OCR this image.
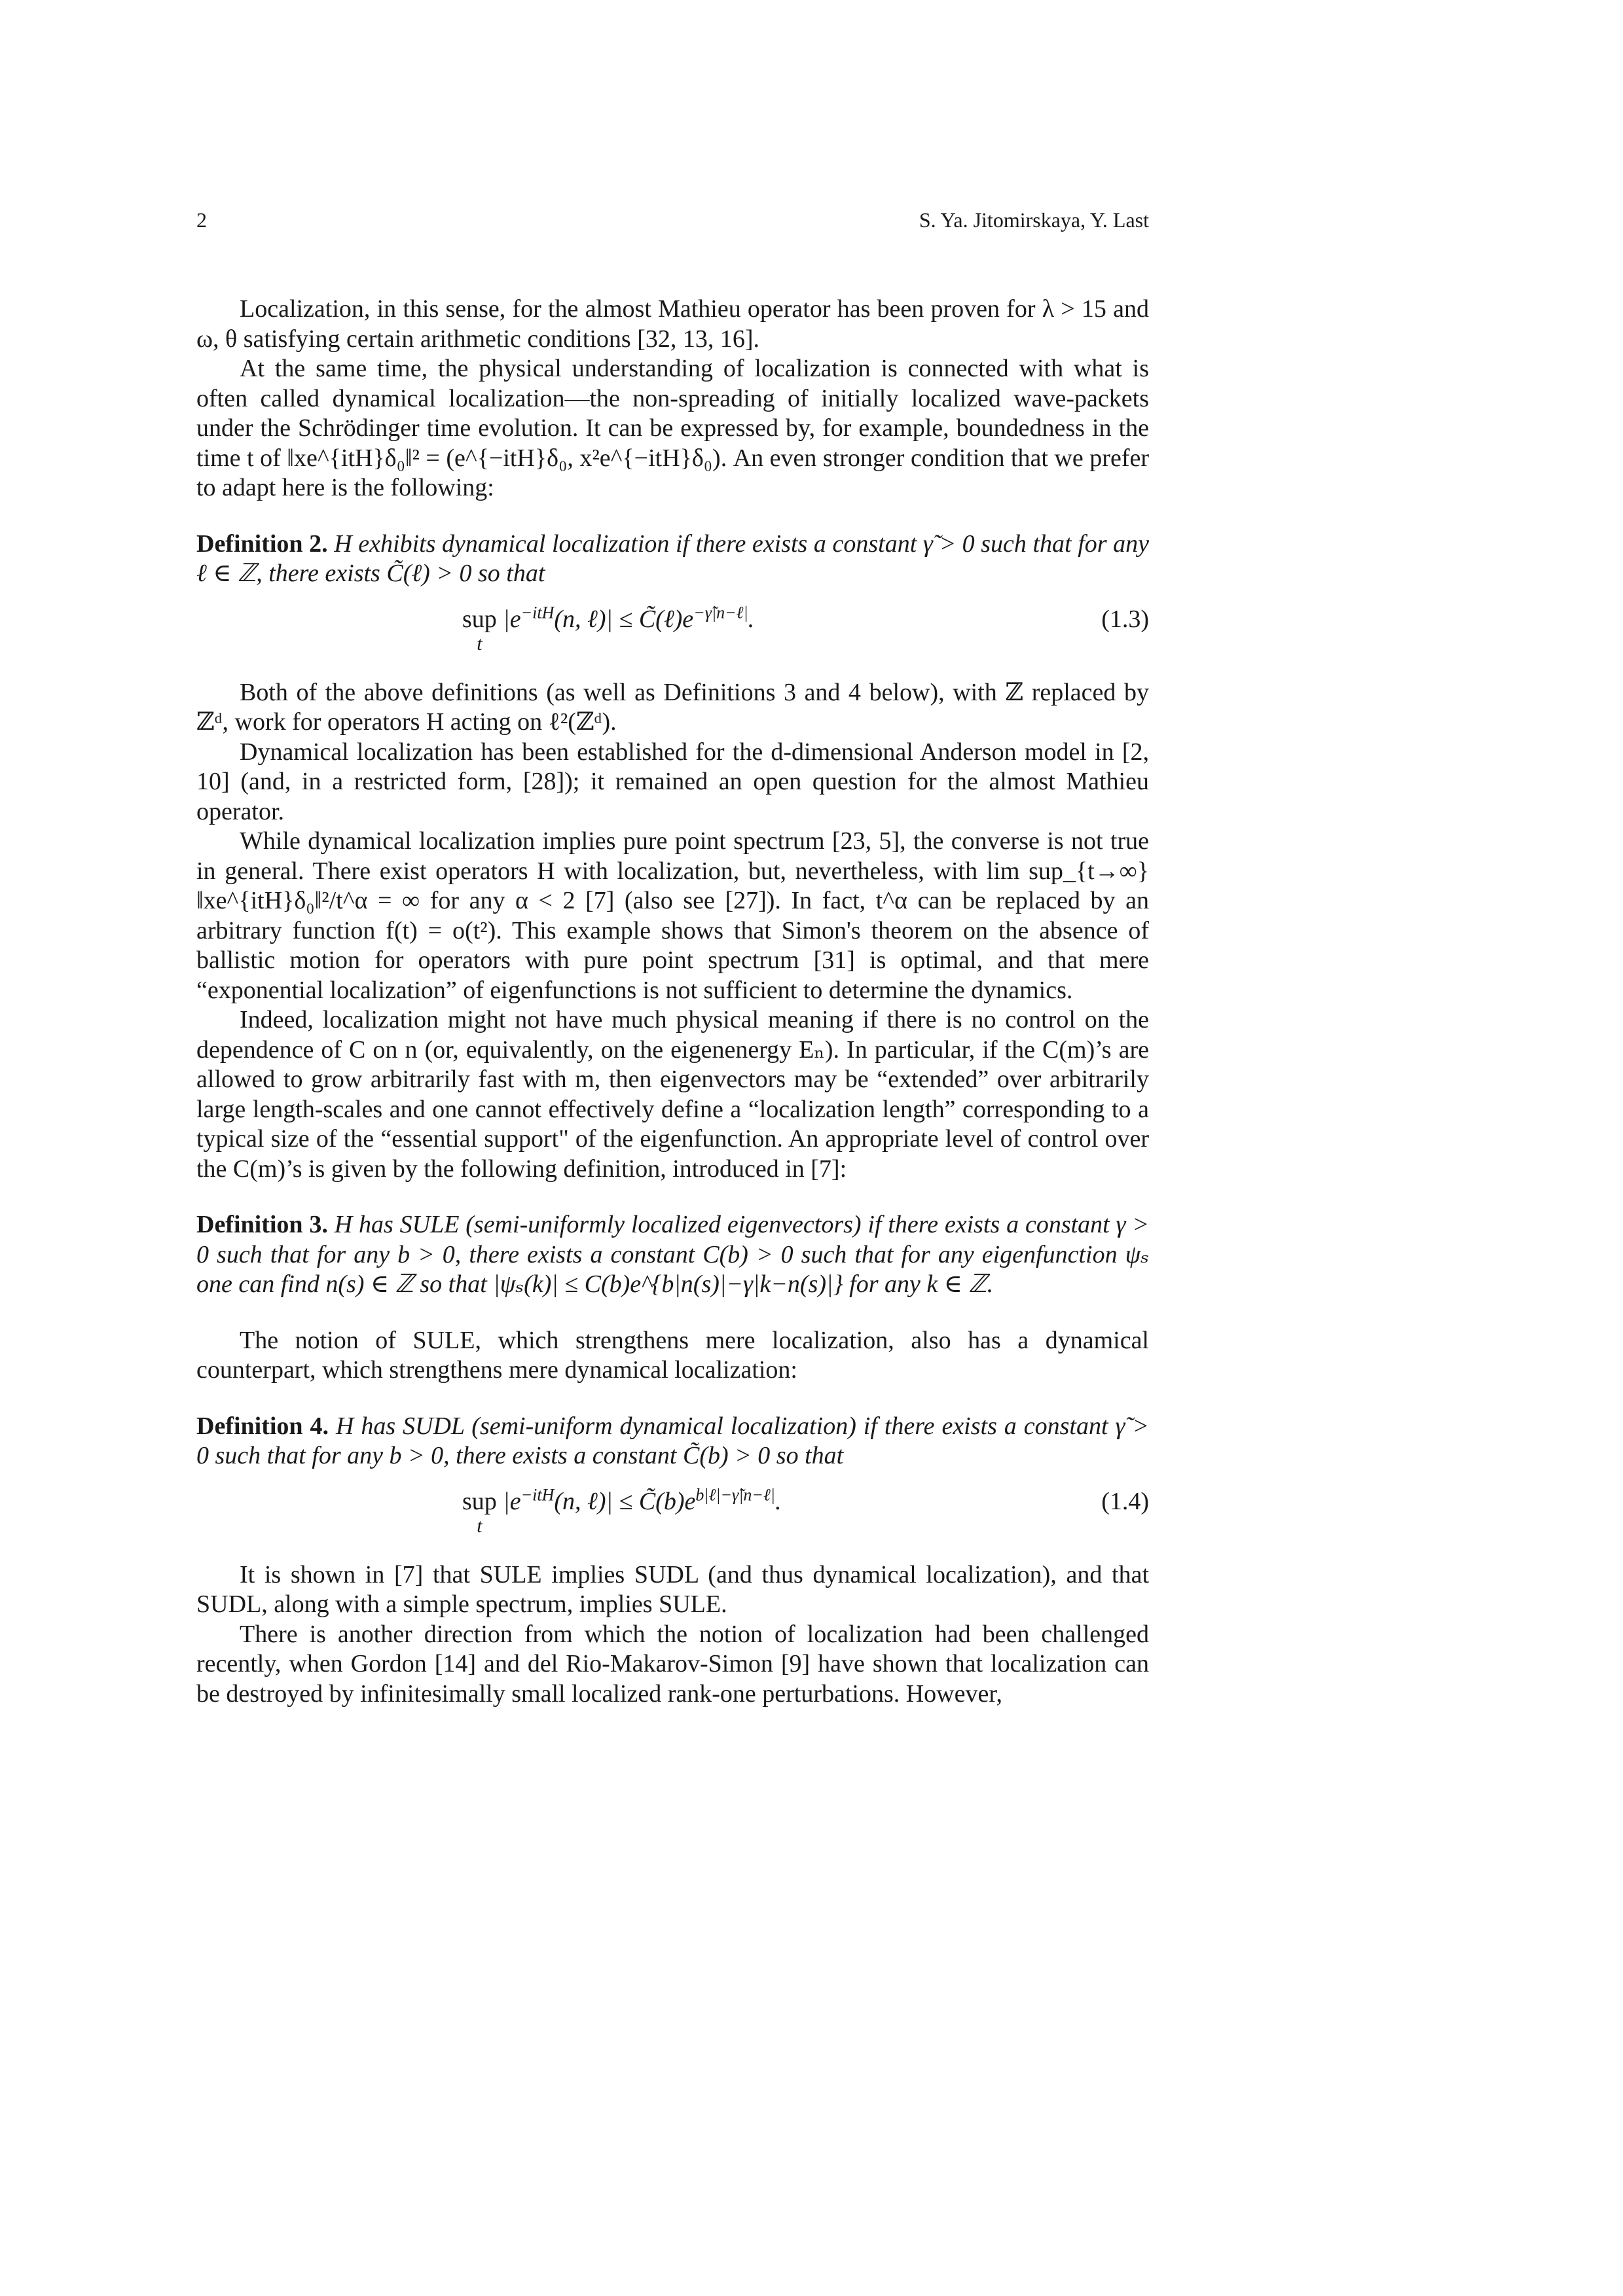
2	S. Ya. Jitomirskaya, Y. Last

Localization, in this sense, for the almost Mathieu operator has been proven for λ > 15 and ω, θ satisfying certain arithmetic conditions [32, 13, 16].

At the same time, the physical understanding of localization is connected with what is often called dynamical localization—the non-spreading of initially localized wave-packets under the Schrödinger time evolution. It can be expressed by, for example, boundedness in the time t of ‖xe^{itH}δ₀‖² = (e^{−itH}δ₀, x²e^{−itH}δ₀). An even stronger condition that we prefer to adapt here is the following:

Definition 2. H exhibits dynamical localization if there exists a constant γ̃ > 0 such that for any ℓ ∈ ℤ, there exists C̃(ℓ) > 0 so that

sup
t
$|e^{-itH}(n$, ℓ)| ≤ $C̃(\ell)e^{-\gammã|n-\ell|}$.	(1.3)

Both of the above definitions (as well as Definitions 3 and 4 below), with ℤ replaced by ℤᵈ, work for operators H acting on ℓ²(ℤᵈ).

Dynamical localization has been established for the d-dimensional Anderson model in [2, 10] (and, in a restricted form, [28]); it remained an open question for the almost Mathieu operator.

While dynamical localization implies pure point spectrum [23, 5], the converse is not true in general. There exist operators H with localization, but, nevertheless, with lim sup_{t→∞} ‖xe^{itH}δ₀‖²/t^α = ∞ for any α < 2 [7] (also see [27]). In fact, t^α can be replaced by an arbitrary function f(t) = o(t²). This example shows that Simon's theorem on the absence of ballistic motion for operators with pure point spectrum [31] is optimal, and that mere “exponential localization” of eigenfunctions is not sufficient to determine the dynamics.

Indeed, localization might not have much physical meaning if there is no control on the dependence of C on n (or, equivalently, on the eigenenergy Eₙ). In particular, if the C(m)’s are allowed to grow arbitrarily fast with m, then eigenvectors may be “extended” over arbitrarily large length-scales and one cannot effectively define a “localization length” corresponding to a typical size of the “essential support" of the eigenfunction. An appropriate level of control over the C(m)’s is given by the following definition, introduced in [7]:

Definition 3. H has SULE (semi-uniformly localized eigenvectors) if there exists a constant γ > 0 such that for any b > 0, there exists a constant C(b) > 0 such that for any eigenfunction ψₛ one can find n(s) ∈ ℤ so that |ψₛ(k)| ≤ C(b)e^{b|n(s)|−γ|k−n(s)|} for any k ∈ ℤ.

The notion of SULE, which strengthens mere localization, also has a dynamical counterpart, which strengthens mere dynamical localization:

Definition 4. H has SUDL (semi-uniform dynamical localization) if there exists a constant γ̃ > 0 such that for any b > 0, there exists a constant C̃(b) > 0 so that

sup
t
$|e^{-itH}(n$, ℓ)| ≤ $C̃(b)e^{b|\ell|-\gammã|n-\ell|}$.	(1.4)

It is shown in [7] that SULE implies SUDL (and thus dynamical localization), and that SUDL, along with a simple spectrum, implies SULE.

There is another direction from which the notion of localization had been challenged recently, when Gordon [14] and del Rio-Makarov-Simon [9] have shown that localization can be destroyed by infinitesimally small localized rank-one perturbations. However,
